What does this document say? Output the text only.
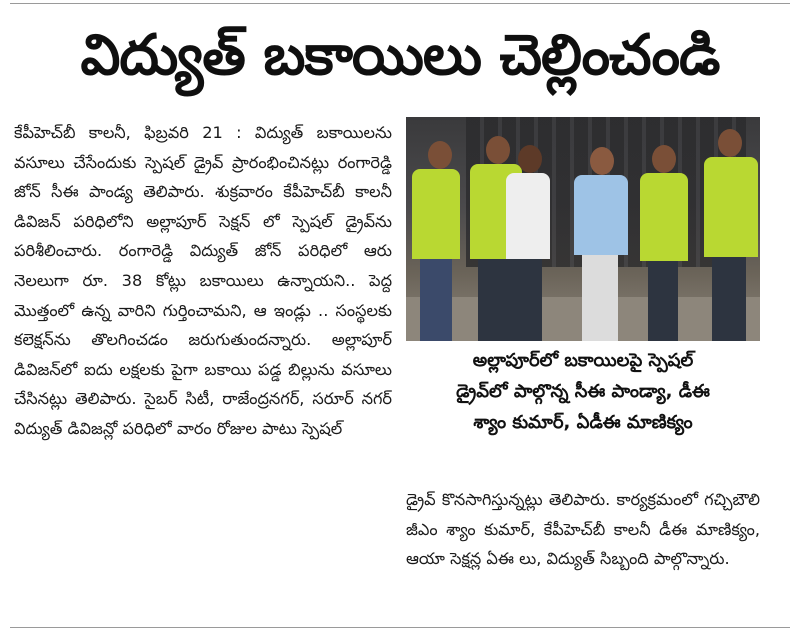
విద్యుత్ బకాయిలు చెల్లించండి

కేపీహెచ్‌బీ కాలనీ, ఫిబ్రవరి 21 : విద్యుత్ బకాయిలను వసూలు చేసేందుకు స్పెషల్ డ్రైవ్ ప్రారంభించినట్లు రంగారెడ్డి జోన్ సీఈ పాండ్య తెలిపారు. శుక్రవారం కేపీహెచ్‌బీ కాలనీ డివిజన్ పరిధిలోని అల్లాపూర్ సెక్షన్ లో స్పెషల్ డ్రైవ్‌ను పరిశీలించారు. రంగారెడ్డి విద్యుత్ జోన్ పరిధిలో ఆరు నెలలుగా రూ. 38 కోట్లు బకాయిలు ఉన్నాయని.. పెద్ద మొత్తంలో ఉన్న వారిని గుర్తించామని, ఆ ఇండ్లు .. సంస్థలకు కలెక్షన్‌ను తొలగించడం జరుగుతుందన్నారు. అల్లాపూర్ డివిజన్‌లో ఐదు లక్షలకు పైగా బకాయి పడ్డ బిల్లును వసూలు చేసినట్లు తెలిపారు. సైబర్ సిటీ, రాజేంద్రనగర్, సరూర్ నగర్ విద్యుత్ డివిజన్లో పరిధిలో వారం రోజుల పాటు స్పెషల్

అల్లాపూర్‌లో బకాయిలపై స్పెషల్

డ్రైవ్‌లో పాల్గొన్న సీఈ పాండ్యా, డీఈ

శ్యాం కుమార్, ఏడీఈ మాణిక్యం

డ్రైవ్ కొనసాగిస్తున్నట్లు తెలిపారు. కార్యక్రమంలో గచ్చిబౌలి జీఎం శ్యాం కుమార్, కేపీహెచ్‌బీ కాలనీ డీఈ మాణిక్యం, ఆయా సెక్షన్ల ఏఈ లు, విద్యుత్ సిబ్బంది పాల్గొన్నారు.
